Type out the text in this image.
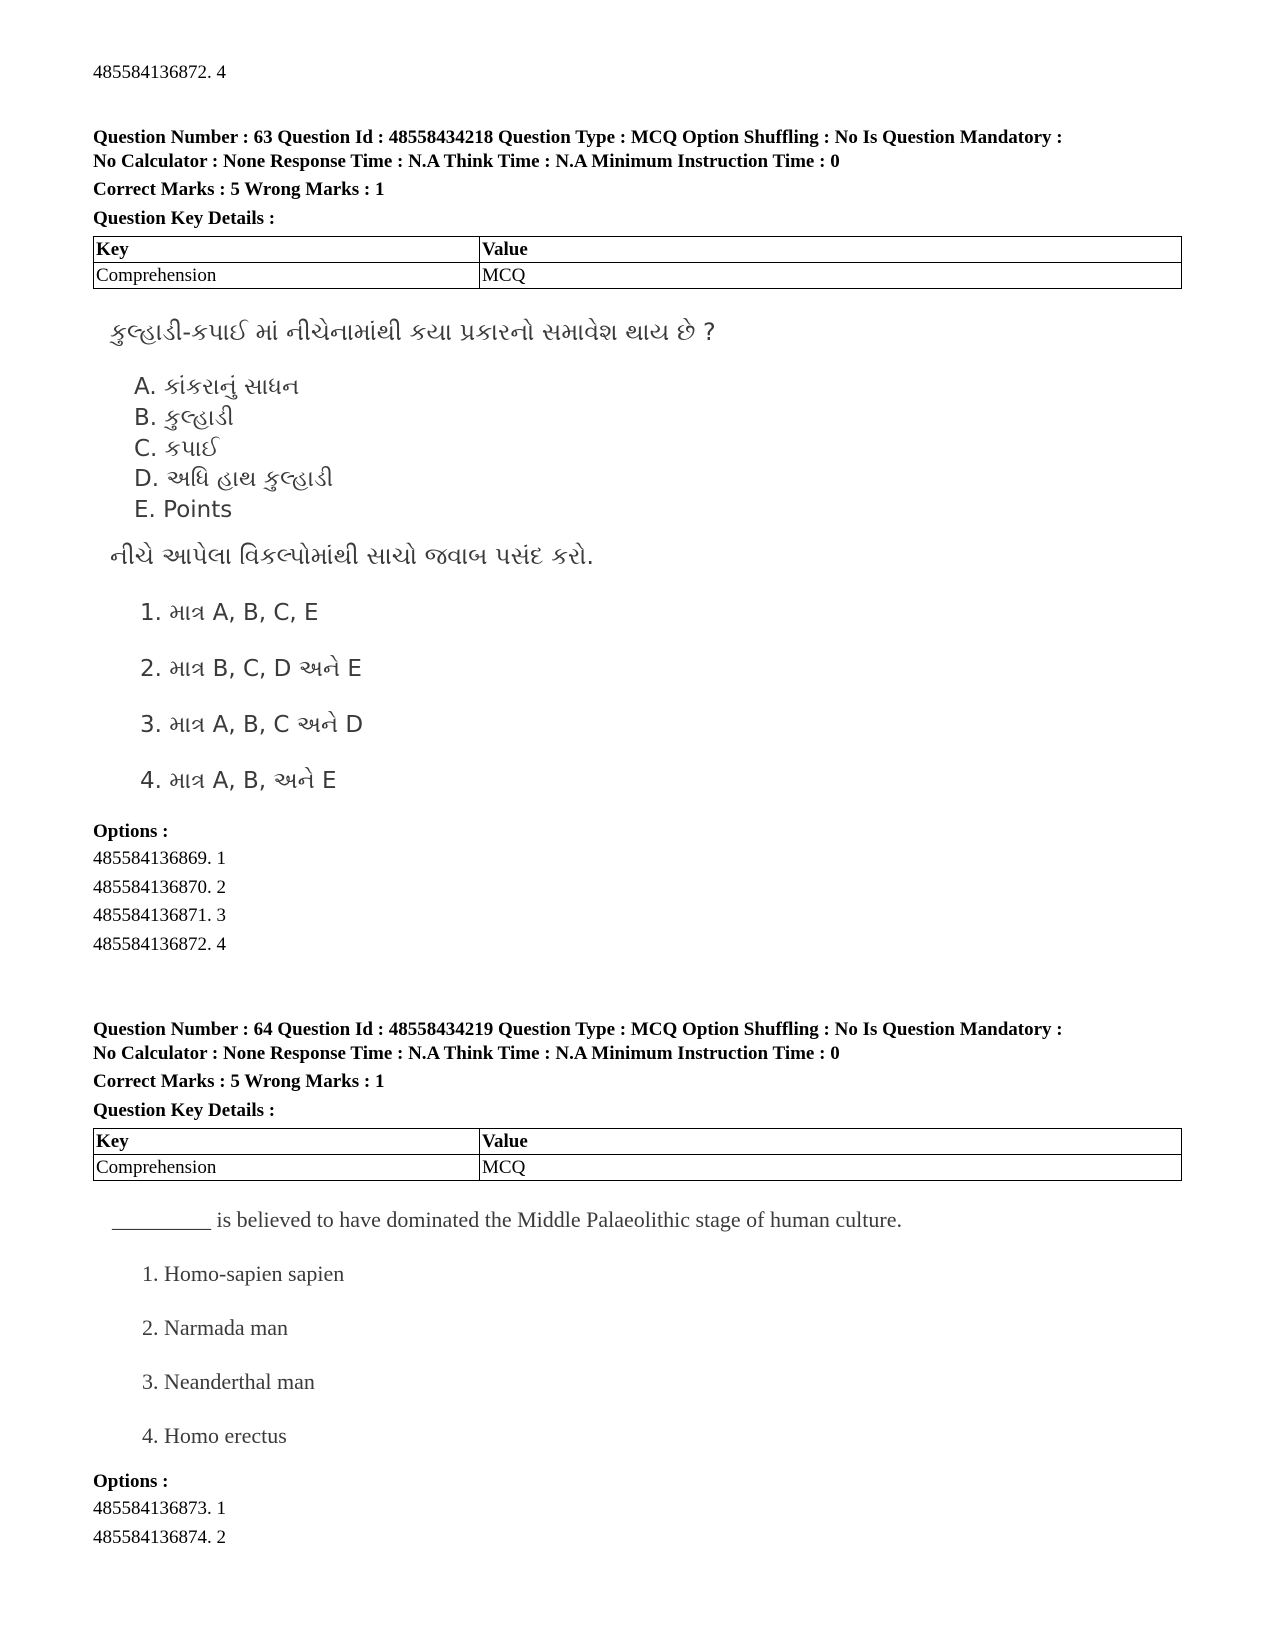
485584136872. 4
Question Number : 63 Question Id : 48558434218 Question Type : MCQ Option Shuffling : No Is Question Mandatory :
No Calculator : None Response Time : N.A Think Time : N.A Minimum Instruction Time : 0
Correct Marks : 5 Wrong Marks : 1
Question Key Details :
Key	Value
Comprehension	MCQ
કુલ્હાડી-કપાઈ માં નીચેનામાંથી કયા પ્રકારનો સમાવેશ થાય છે ?
A. કાંકરાનું સાધન
B. કુલ્હાડી
C. કપાઈ
D. અધિ હાથ કુલ્હાડી
E. Points
નીચે આપેલા વિકલ્પોમાંથી સાચો જવાબ પસંદ કરો.
1. માત્ર A, B, C, E
2. માત્ર B, C, D અને E
3. માત્ર A, B, C અને D
4. માત્ર A, B, અને E
Options :
485584136869. 1
485584136870. 2
485584136871. 3
485584136872. 4
Question Number : 64 Question Id : 48558434219 Question Type : MCQ Option Shuffling : No Is Question Mandatory :
No Calculator : None Response Time : N.A Think Time : N.A Minimum Instruction Time : 0
Correct Marks : 5 Wrong Marks : 1
Question Key Details :
Key	Value
Comprehension	MCQ
_________ is believed to have dominated the Middle Palaeolithic stage of human culture.
1. Homo-sapien sapien
2. Narmada man
3. Neanderthal man
4. Homo erectus
Options :
485584136873. 1
485584136874. 2
